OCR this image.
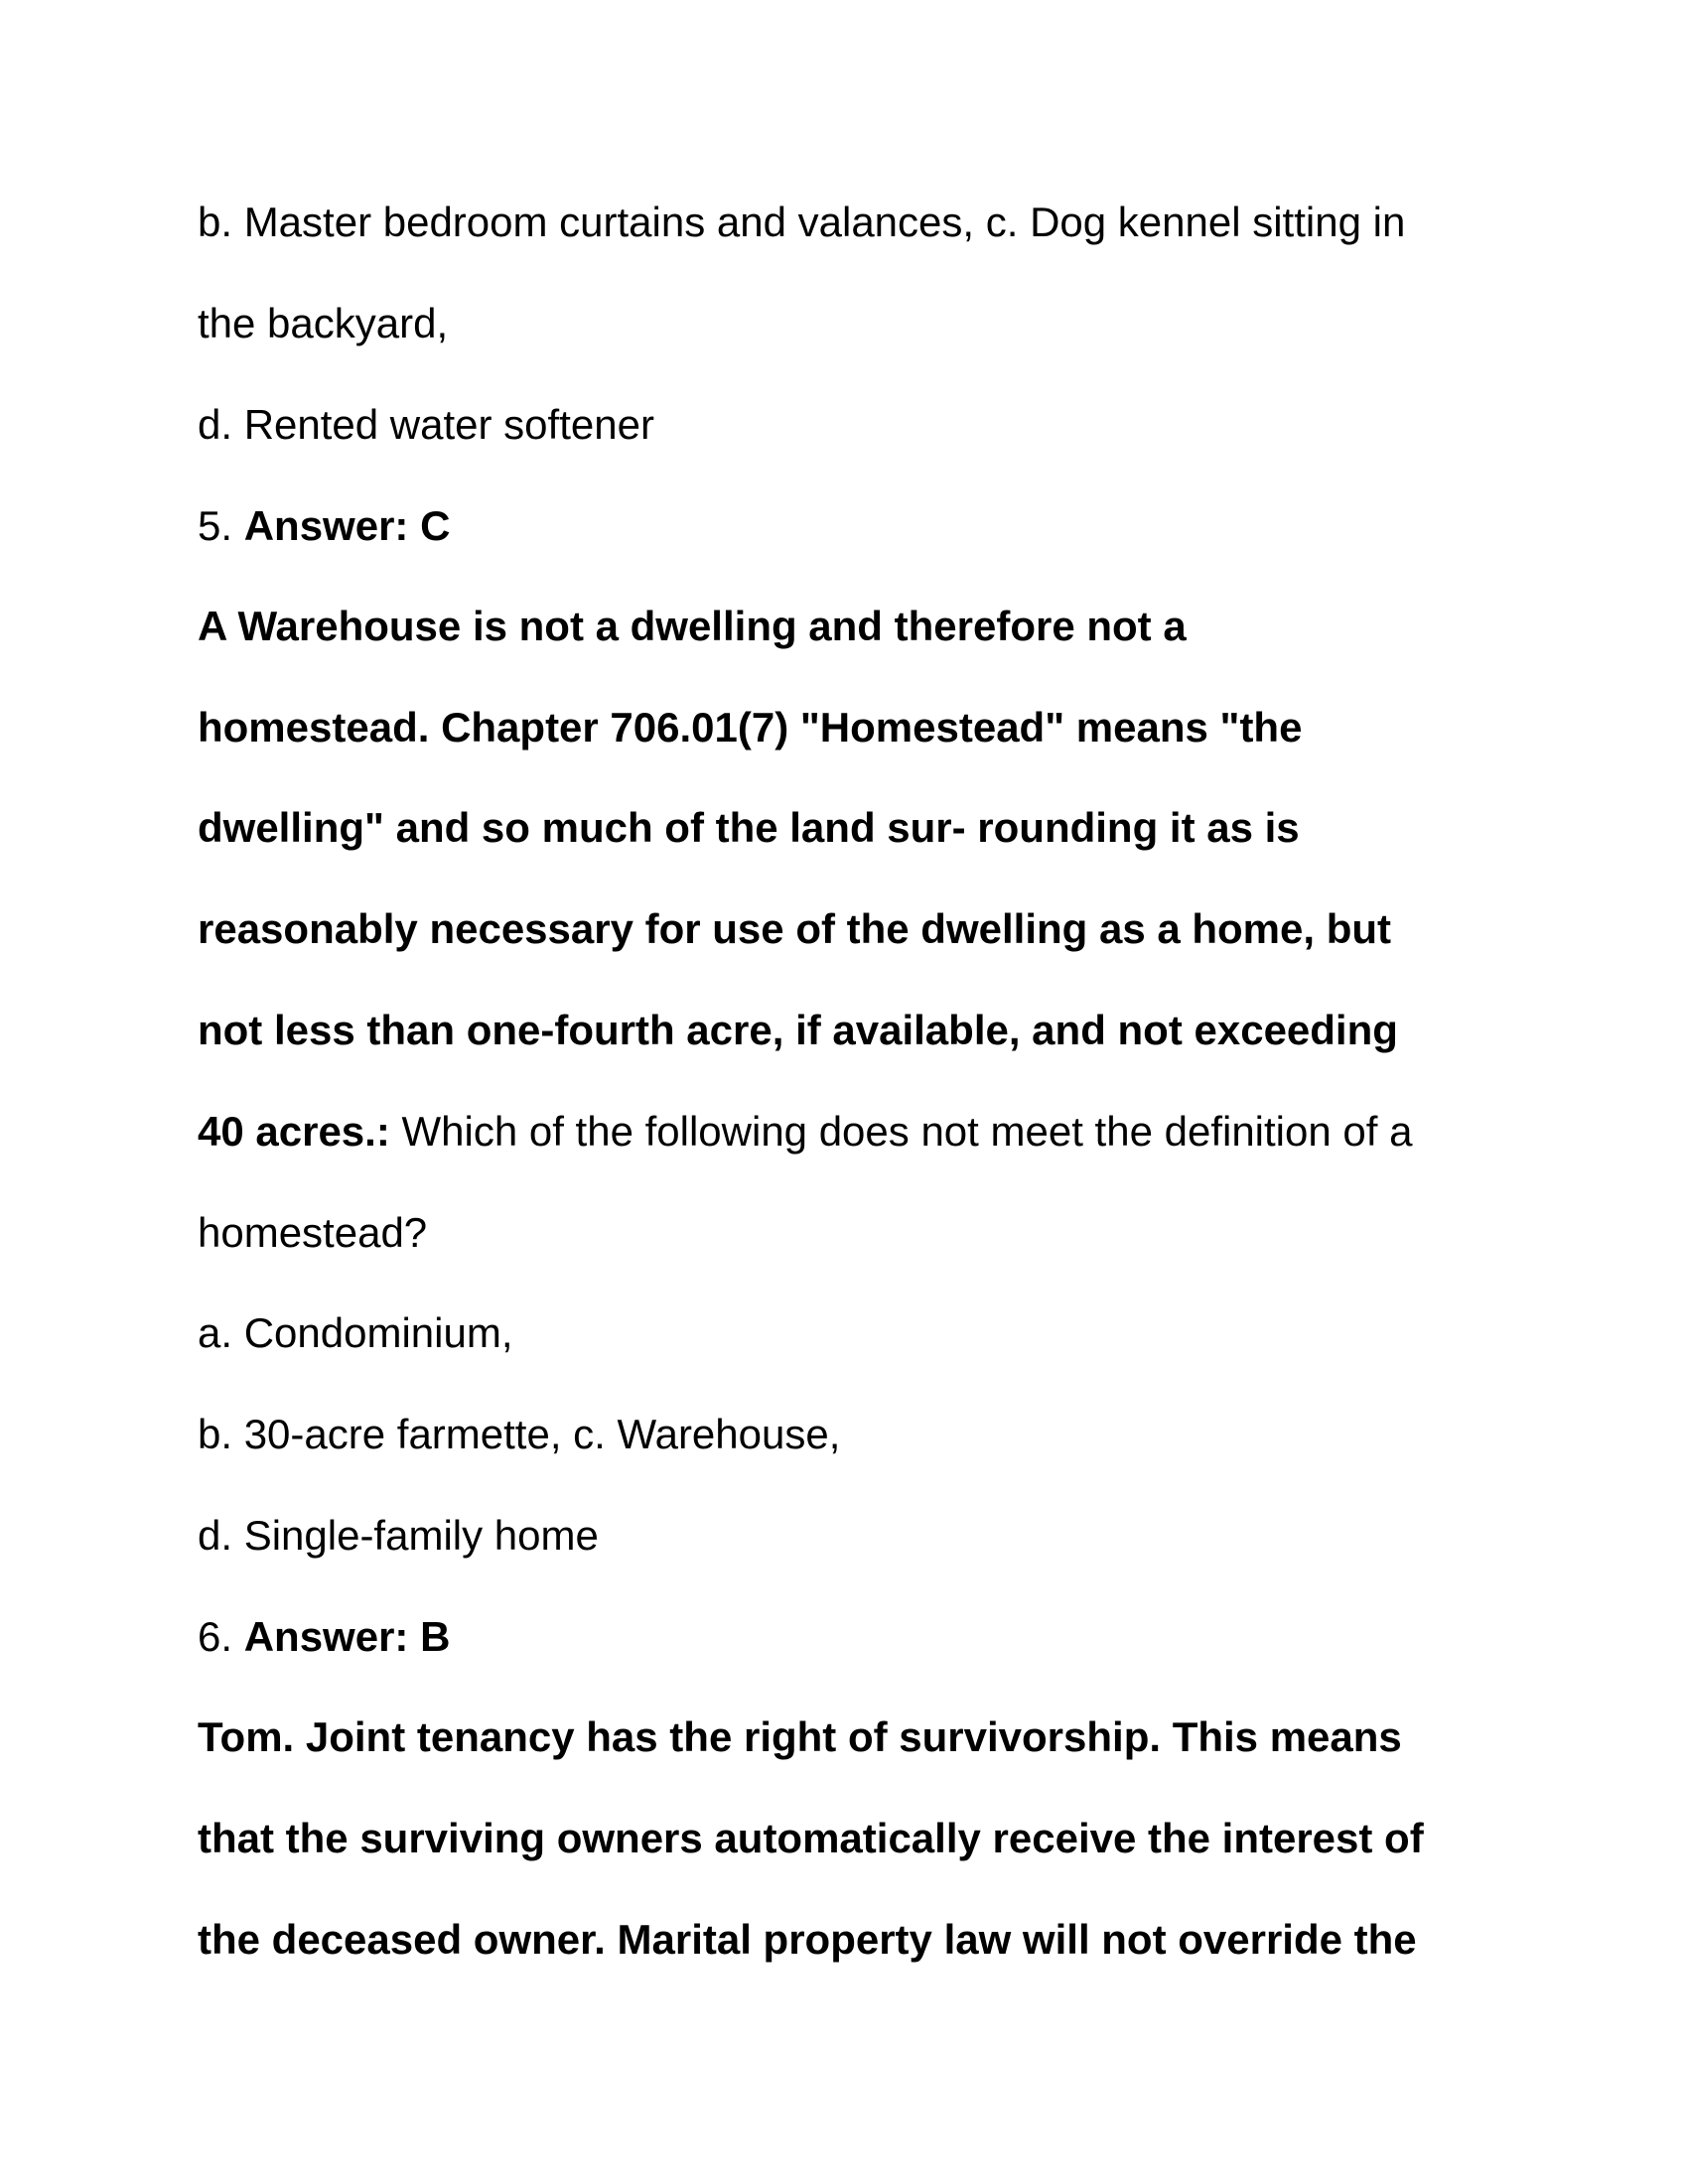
b. Master bedroom curtains and valances, c. Dog kennel sitting in

the backyard,

d. Rented water softener

5. Answer: C

A Warehouse is not a dwelling and therefore not a

homestead. Chapter 706.01(7) "Homestead" means "the

dwelling" and so much of the land sur- rounding it as is

reasonably necessary for use of the dwelling as a home, but

not less than one-fourth acre, if available, and not exceeding

40 acres.: Which of the following does not meet the definition of a

homestead?

a. Condominium,

b. 30-acre farmette, c. Warehouse,

d. Single-family home

6. Answer: B

Tom. Joint tenancy has the right of survivorship. This means

that the surviving owners automatically receive the interest of

the deceased owner. Marital property law will not override the
